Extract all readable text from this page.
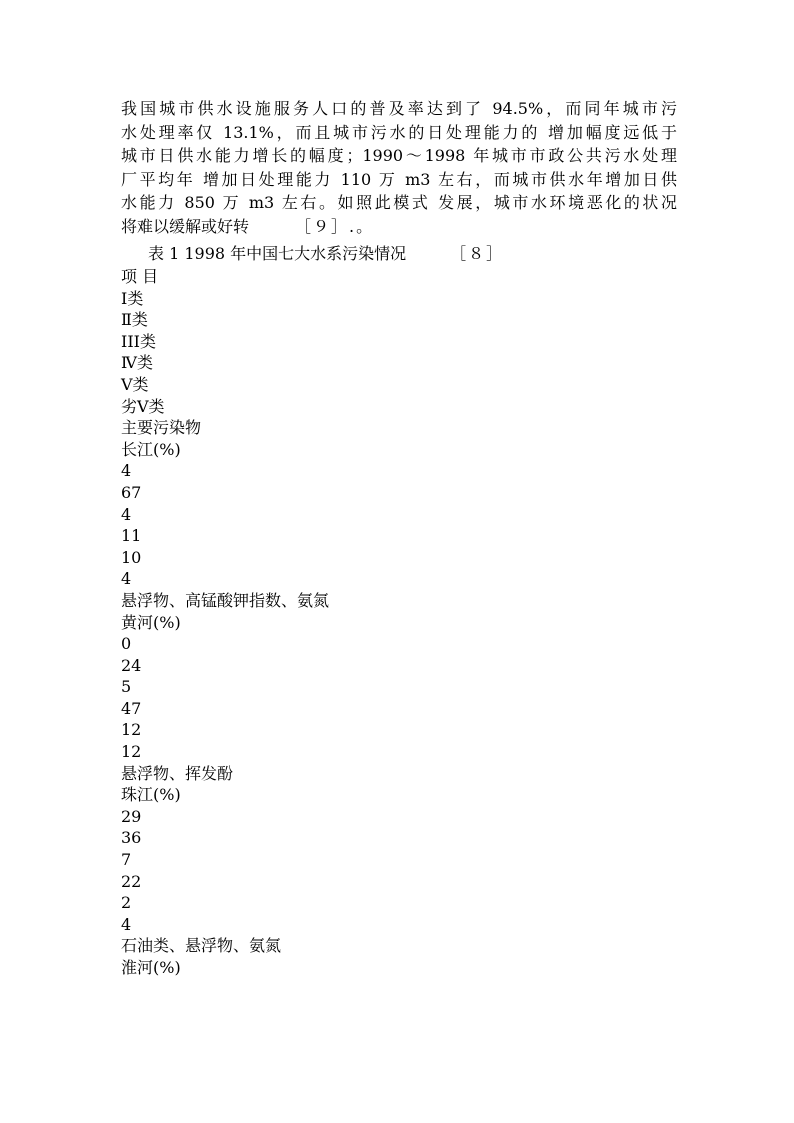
我国城市供水设施服务人口的普及率达到了 94.5%，而同年城市污
水处理率仅 13.1%，而且城市污水的日处理能力的 增加幅度远低于
城市日供水能力增长的幅度；1990～1998 年城市市政公共污水处理
厂平均年 增加日处理能力 110 万 m3 左右，而城市供水年增加日供
水能力 850 万 m3 左右。如照此模式 发展，城市水环境恶化的状况
将难以缓解或好转	［９］.。
表 1 1998 年中国七大水系污染情况	［８］
项 目
Ⅰ类
Ⅱ类
III类
Ⅳ类
Ⅴ类
劣Ⅴ类
主要污染物
长江(%)
4
67
4
11
10
4
悬浮物、高锰酸钾指数、氨氮
黄河(%)
0
24
5
47
12
12
悬浮物、挥发酚
珠江(%)
29
36
7
22
2
4
石油类、悬浮物、氨氮
淮河(%)
